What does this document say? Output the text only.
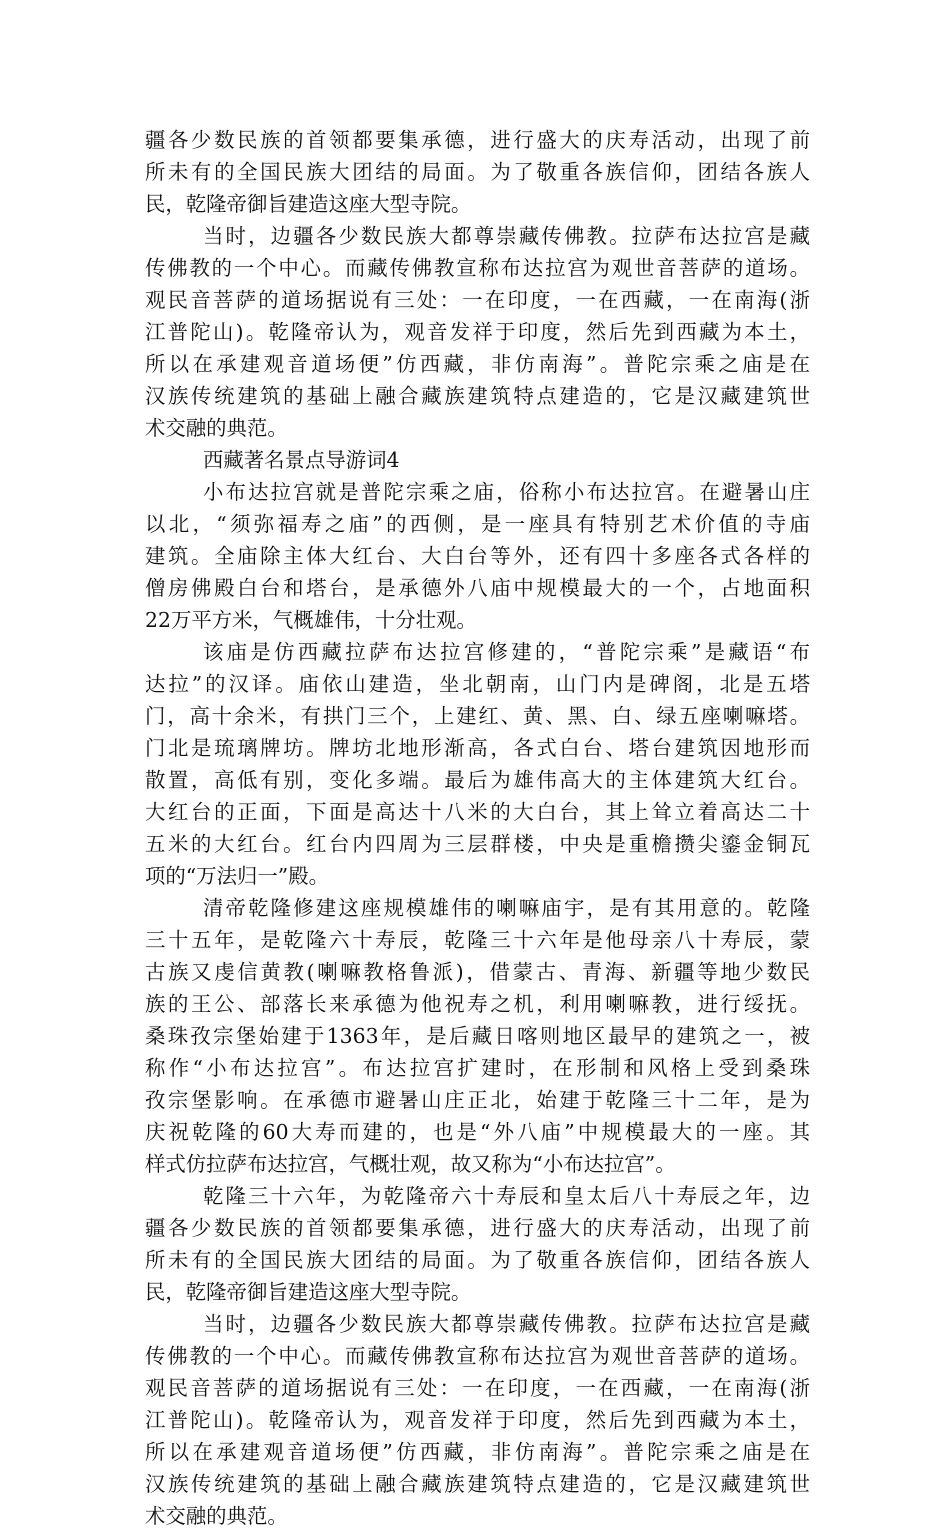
疆各少数民族的首领都要集承德，进行盛大的庆寿活动，出现了前
所未有的全国民族大团结的局面。为了敬重各族信仰，团结各族人
民，乾隆帝御旨建造这座大型寺院。
当时，边疆各少数民族大都尊崇藏传佛教。拉萨布达拉宫是藏
传佛教的一个中心。而藏传佛教宣称布达拉宫为观世音菩萨的道场。
观民音菩萨的道场据说有三处：一在印度，一在西藏，一在南海(浙
江普陀山)。乾隆帝认为，观音发祥于印度，然后先到西藏为本土，
所以在承建观音道场便”仿西藏，非仿南海”。普陀宗乘之庙是在
汉族传统建筑的基础上融合藏族建筑特点建造的，它是汉藏建筑世
术交融的典范。
西藏著名景点导游词4
小布达拉宫就是普陀宗乘之庙，俗称小布达拉宫。在避暑山庄
以北，“须弥福寿之庙”的西侧，是一座具有特别艺术价值的寺庙
建筑。全庙除主体大红台、大白台等外，还有四十多座各式各样的
僧房佛殿白台和塔台，是承德外八庙中规模最大的一个，占地面积
22万平方米，气概雄伟，十分壮观。
该庙是仿西藏拉萨布达拉宫修建的，“普陀宗乘”是藏语“布
达拉”的汉译。庙依山建造，坐北朝南，山门内是碑阁，北是五塔
门，高十余米，有拱门三个，上建红、黄、黑、白、绿五座喇嘛塔。
门北是琉璃牌坊。牌坊北地形渐高，各式白台、塔台建筑因地形而
散置，高低有别，变化多端。最后为雄伟高大的主体建筑大红台。
大红台的正面，下面是高达十八米的大白台，其上耸立着高达二十
五米的大红台。红台内四周为三层群楼，中央是重檐攒尖鎏金铜瓦
项的“万法归一”殿。
清帝乾隆修建这座规模雄伟的喇嘛庙宇，是有其用意的。乾隆
三十五年，是乾隆六十寿辰，乾隆三十六年是他母亲八十寿辰，蒙
古族又虔信黄教(喇嘛教格鲁派)，借蒙古、青海、新疆等地少数民
族的王公、部落长来承德为他祝寿之机，利用喇嘛教，进行绥抚。
桑珠孜宗堡始建于1363年，是后藏日喀则地区最早的建筑之一，被
称作“小布达拉宫”。布达拉宫扩建时，在形制和风格上受到桑珠
孜宗堡影响。在承德市避暑山庄正北，始建于乾隆三十二年，是为
庆祝乾隆的60大寿而建的，也是“外八庙”中规模最大的一座。其
样式仿拉萨布达拉宫，气概壮观，故又称为“小布达拉宫”。
乾隆三十六年，为乾隆帝六十寿辰和皇太后八十寿辰之年，边
疆各少数民族的首领都要集承德，进行盛大的庆寿活动，出现了前
所未有的全国民族大团结的局面。为了敬重各族信仰，团结各族人
民，乾隆帝御旨建造这座大型寺院。
当时，边疆各少数民族大都尊崇藏传佛教。拉萨布达拉宫是藏
传佛教的一个中心。而藏传佛教宣称布达拉宫为观世音菩萨的道场。
观民音菩萨的道场据说有三处：一在印度，一在西藏，一在南海(浙
江普陀山)。乾隆帝认为，观音发祥于印度，然后先到西藏为本土，
所以在承建观音道场便”仿西藏，非仿南海”。普陀宗乘之庙是在
汉族传统建筑的基础上融合藏族建筑特点建造的，它是汉藏建筑世
术交融的典范。
